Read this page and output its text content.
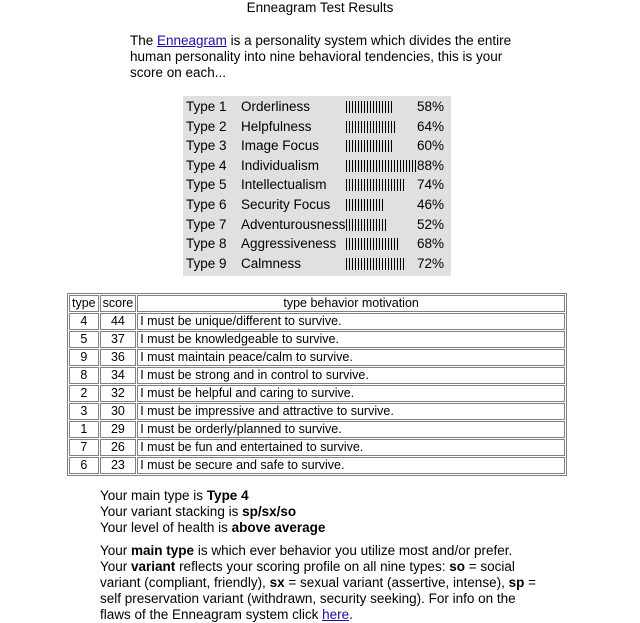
Enneagram Test Results
The Enneagram is a personality system which divides the entire human personality into nine behavioral tendencies, this is your score on each...
Type 1 Orderliness	58%
Type 2 Helpfulness	64%
Type 3 Image Focus	60%
Type 4 Individualism	88%
Type 5 Intellectualism	74%
Type 6 Security Focus	46%
Type 7 Adventurousness	52%
Type 8 Aggressiveness	68%
Type 9 Calmness	72%
type	score	type behavior motivation
4	44	I must be unique/different to survive.
5	37	I must be knowledgeable to survive.
9	36	I must maintain peace/calm to survive.
8	34	I must be strong and in control to survive.
2	32	I must be helpful and caring to survive.
3	30	I must be impressive and attractive to survive.
1	29	I must be orderly/planned to survive.
7	26	I must be fun and entertained to survive.
6	23	I must be secure and safe to survive.
Your main type is Type 4
Your variant stacking is sp/sx/so
Your level of health is above average
Your main type is which ever behavior you utilize most and/or prefer. Your variant reflects your scoring profile on all nine types: so = social variant (compliant, friendly), sx = sexual variant (assertive, intense), sp = self preservation variant (withdrawn, security seeking). For info on the flaws of the Enneagram system click here.
